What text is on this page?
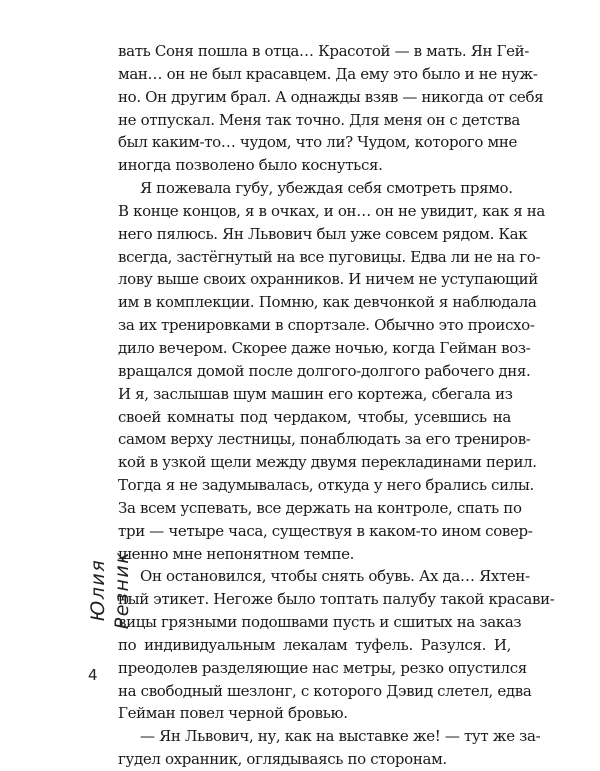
вать Соня пошла в отца… Красотой — в мать. Ян Гей-
ман… он не был красавцем. Да ему это было и не нуж-
но. Он другим брал. А однажды взяв — никогда от себя
не отпускал. Меня так точно. Для меня он с детства
был каким-то… чудом, что ли? Чудом, которого мне
иногда позволено было коснуться.
Я пожевала губу, убеждая себя смотреть прямо.
В конце концов, я в очках, и он… он не увидит, как я на
него пялюсь. Ян Львович был уже совсем рядом. Как
всегда, застёгнутый на все пуговицы. Едва ли не на го-
лову выше своих охранников. И ничем не уступающий
им в комплекции. Помню, как девчонкой я наблюдала
за их тренировками в спортзале. Обычно это происхо-
дило вечером. Скорее даже ночью, когда Гейман воз-
вращался домой после долгого-долгого рабочего дня.
И я, заслышав шум машин его кортежа, сбегала из
своей комнаты под чердаком, чтобы, усевшись на
самом верху лестницы, понаблюдать за его трениров-
кой в узкой щели между двумя перекладинами перил.
Тогда я не задумывалась, откуда у него брались силы.
За всем успевать, все держать на контроле, спать по
три — четыре часа, существуя в каком-то ином совер-
шенно мне непонятном темпе.
Он остановился, чтобы снять обувь. Ах да… Яхтен-
ный этикет. Негоже было топтать палубу такой красави-
вицы грязными подошвами пусть и сшитых на заказ
по индивидуальным лекалам туфель. Разулся. И,
преодолев разделяющие нас метры, резко опустился
на свободный шезлонг, с которого Дэвид слетел, едва
Гейман повел черной бровью.
— Ян Львович, ну, как на выставке же! — тут же за-
гудел охранник, оглядываясь по сторонам.
Юлия Резник
4
